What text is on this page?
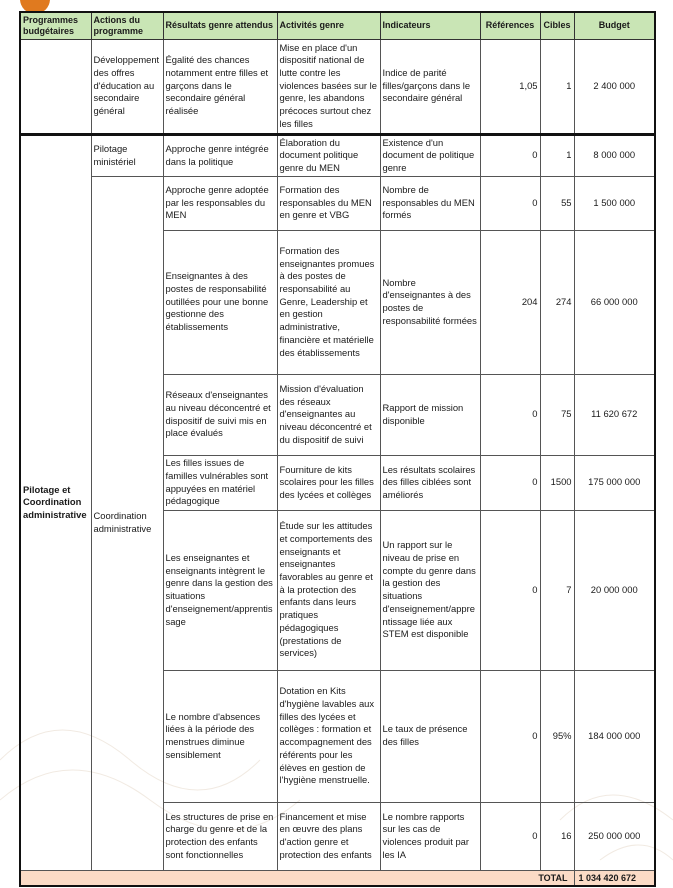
Programmes budgétaires	Actions du programme	Résultats genre attendus	Activités genre	Indicateurs	Références	Cibles	Budget
	Développement des offres d'éducation au secondaire général	Égalité des chances notamment entre filles et garçons dans le secondaire général réalisée	Mise en place d'un dispositif national de lutte contre les violences basées sur le genre, les abandons précoces surtout chez les filles	Indice de parité filles/garçons dans le secondaire général	1,05	1	2 400 000
Pilotage et Coordination administrative	Pilotage ministériel	Approche genre intégrée dans la politique	Élaboration du document politique genre du MEN	Existence d'un document de politique genre	0	1	8 000 000
	Coordination administrative	Approche genre adoptée par les responsables du MEN	Formation des responsables du MEN en genre et VBG	Nombre de responsables du MEN formés	0	55	1 500 000
		Enseignantes à des postes de responsabilité outillées pour une bonne gestionne des établissements	Formation des enseignantes promues à des postes de responsabilité au Genre, Leadership et en gestion administrative, financière et matérielle des établissements	Nombre d'enseignantes à des postes de responsabilité formées	204	274	66 000 000
		Réseaux d'enseignantes au niveau déconcentré et dispositif de suivi mis en place évalués	Mission d'évaluation des réseaux d'enseignantes au niveau déconcentré et du dispositif de suivi	Rapport de mission disponible	0	75	11 620 672
		Les filles issues de familles vulnérables sont appuyées en matériel pédagogique	Fourniture de kits scolaires pour les filles des lycées et collèges	Les résultats scolaires des filles ciblées sont améliorés	0	1500	175 000 000
		Les enseignantes et enseignants intègrent le genre dans la gestion des situations d'enseignement/apprentissage	Étude sur les attitudes et comportements des enseignants et enseignantes favorables au genre et à la protection des enfants dans leurs pratiques pédagogiques (prestations de services)	Un rapport sur le niveau de prise en compte du genre dans la gestion des situations d'enseignement/apprentissage liée aux STEM est disponible	0	7	20 000 000
		Le nombre d'absences liées à la période des menstrues diminue sensiblement	Dotation en Kits d'hygiène lavables aux filles des lycées et collèges : formation et accompagnement des référents pour les élèves en gestion de l'hygiène menstruelle.	Le taux de présence des filles	0	95%	184 000 000
		Les structures de prise en charge du genre et de la protection des enfants sont fonctionnelles	Financement et mise en œuvre des plans d'action genre et protection des enfants	Le nombre rapports sur les cas de violences produit par les IA	0	16	250 000 000
TOTAL							1 034 420 672
